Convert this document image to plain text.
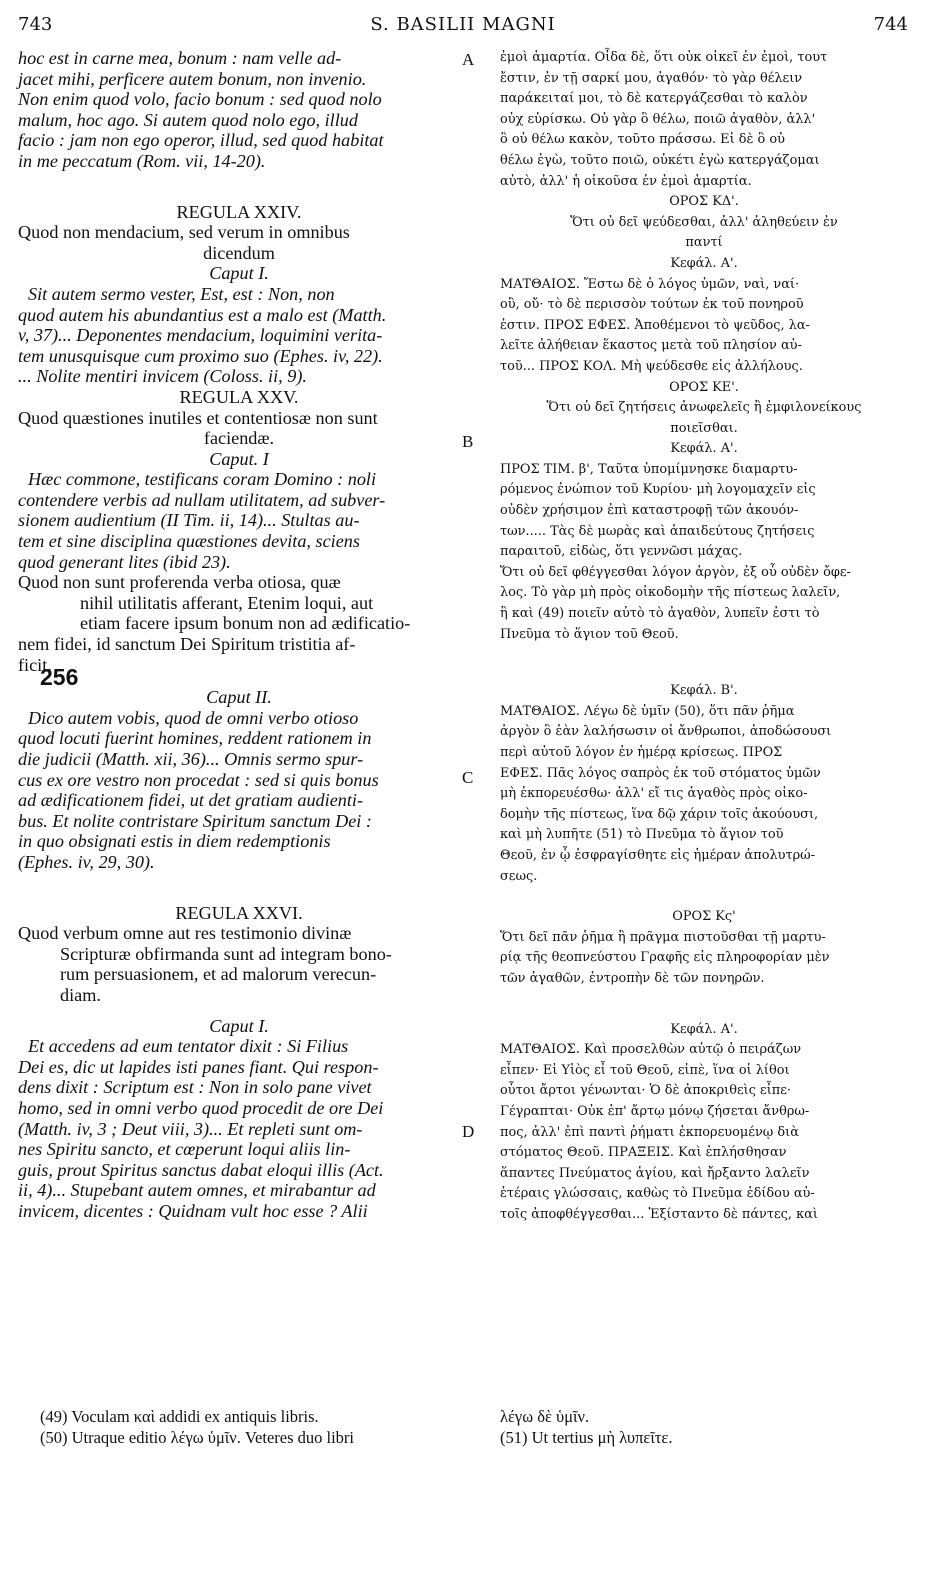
743	S. BASILII MAGNI	744
A
B
C
D
256
hoc est in carne mea, bonum : nam velle ad-
jacet mihi, perficere autem bonum, non invenio.
Non enim quod volo, facio bonum : sed quod nolo
malum, hoc ago. Si autem quod nolo ego, illud
facio : jam non ego operor, illud, sed quod habitat
in me peccatum (Rom. vii, 14-20).
REGULA XXIV.
Quod non mendacium, sed verum in omnibus
dicendum
Caput I.
Sit autem sermo vester, Est, est : Non, non
quod autem his abundantius est a malo est (Matth.
v, 37)... Deponentes mendacium, loquimini verita-
tem unusquisque cum proximo suo (Ephes. iv, 22).
... Nolite mentiri invicem (Coloss. ii, 9).
REGULA XXV.
Quod quæstiones inutiles et contentiosæ non sunt
faciendæ.
Caput. I
Hæc commone, testificans coram Domino : noli
contendere verbis ad nullam utilitatem, ad subver-
sionem audientium (II Tim. ii, 14)... Stultas au-
tem et sine disciplina quæstiones devita, sciens
quod generant lites (ibid 23).
Quod non sunt proferenda verba otiosa, quæ
nihil utilitatis afferant, Etenim loqui, aut
etiam facere ipsum bonum non ad ædificatio-
nem fidei, id sanctum Dei Spiritum tristitia af-
ficit.
Caput II.
Dico autem vobis, quod de omni verbo otioso
quod locuti fuerint homines, reddent rationem in
die judicii (Matth. xii, 36)... Omnis sermo spur-
cus ex ore vestro non procedat : sed si quis bonus
ad ædificationem fidei, ut det gratiam audienti-
bus. Et nolite contristare Spiritum sanctum Dei :
in quo obsignati estis in diem redemptionis
(Ephes. iv, 29, 30).
REGULA XXVI.
Quod verbum omne aut res testimonio divinæ
Scripturæ obfirmanda sunt ad integram bono-
rum persuasionem, et ad malorum verecun-
diam.
Caput I.
Et accedens ad eum tentator dixit : Si Filius
Dei es, dic ut lapides isti panes fiant. Qui respon-
dens dixit : Scriptum est : Non in solo pane vivet
homo, sed in omni verbo quod procedit de ore Dei
(Matth. iv, 3 ; Deut viii, 3)... Et repleti sunt om-
nes Spiritu sancto, et cœperunt loqui aliis lin-
guis, prout Spiritus sanctus dabat eloqui illis (Act.
ii, 4)... Stupebant autem omnes, et mirabantur ad
invicem, dicentes : Quidnam vult hoc esse ? Alii
ἐμοὶ ἁμαρτία. Οἶδα δὲ, ὅτι οὐκ οἰκεῖ ἐν ἐμοὶ, τουτ
ἔστιν, ἐν τῇ σαρκί μου, ἀγαθόν· τὸ γὰρ θέλειν
παράκειταί μοι, τὸ δὲ κατεργάζεσθαι τὸ καλὸν
οὐχ εὑρίσκω. Οὐ γὰρ ὃ θέλω, ποιῶ ἀγαθὸν, ἀλλ'
ὃ οὐ θέλω κακὸν, τοῦτο πράσσω. Εἰ δὲ ὃ οὐ
θέλω ἐγὼ, τοῦτο ποιῶ, οὐκέτι ἐγὼ κατεργάζομαι
αὐτὸ, ἀλλ' ἡ οἰκοῦσα ἐν ἐμοὶ ἁμαρτία.
ΟΡΟΣ ΚΔ'.
Ὅτι οὐ δεῖ ψεύδεσθαι, ἀλλ' ἀληθεύειν ἐν
παντί
Κεφάλ. Α'.
ΜΑΤΘΑΙΟΣ. Ἔστω δὲ ὁ λόγος ὑμῶν, ναὶ, ναί·
οὒ, οὔ· τὸ δὲ περισσὸν τούτων ἐκ τοῦ πονηροῦ
ἐστιν. ΠΡΟΣ ΕΦΕΣ. Ἀποθέμενοι τὸ ψεῦδος, λα-
λεῖτε ἀλήθειαν ἕκαστος μετὰ τοῦ πλησίον αὐ-
τοῦ... ΠΡΟΣ ΚΟΛ. Μὴ ψεύδεσθε εἰς ἀλλήλους.
ΟΡΟΣ ΚΕ'.
Ὅτι οὐ δεῖ ζητήσεις ἀνωφελεῖς ἢ ἐμφιλονείκους
ποιεῖσθαι.
Κεφάλ. Α'.
ΠΡΟΣ ΤΙΜ. β', Ταῦτα ὑπομίμνησκε διαμαρτυ-
ρόμενος ἐνώπιον τοῦ Κυρίου· μὴ λογομαχεῖν εἰς
οὐδὲν χρήσιμον ἐπὶ καταστροφῇ τῶν ἀκουόν-
των..... Τὰς δὲ μωρὰς καὶ ἀπαιδεύτους ζητήσεις
παραιτοῦ, εἰδὼς, ὅτι γεννῶσι μάχας.
Ὅτι οὐ δεῖ φθέγγεσθαι λόγον ἀργὸν, ἐξ οὗ οὐδὲν ὄφε-
λος. Τὸ γὰρ μὴ πρὸς οἰκοδομὴν τῆς πίστεως λαλεῖν,
ἢ καὶ (49) ποιεῖν αὐτὸ τὸ ἀγαθὸν, λυπεῖν ἐστι τὸ
Πνεῦμα τὸ ἅγιον τοῦ Θεοῦ.
Κεφάλ. Β'.
ΜΑΤΘΑΙΟΣ. Λέγω δὲ ὑμῖν (50), ὅτι πᾶν ῥῆμα
ἀργὸν ὃ ἐὰν λαλήσωσιν οἱ ἄνθρωποι, ἀποδώσουσι
περὶ αὐτοῦ λόγον ἐν ἡμέρᾳ κρίσεως. ΠΡΟΣ
ΕΦΕΣ. Πᾶς λόγος σαπρὸς ἐκ τοῦ στόματος ὑμῶν
μὴ ἐκπορευέσθω· ἀλλ' εἴ τις ἀγαθὸς πρὸς οἰκο-
δομὴν τῆς πίστεως, ἵνα δῷ χάριν τοῖς ἀκούουσι,
καὶ μὴ λυπῆτε (51) τὸ Πνεῦμα τὸ ἅγιον τοῦ
Θεοῦ, ἐν ᾧ ἐσφραγίσθητε εἰς ἡμέραν ἀπολυτρώ-
σεως.
ΟΡΟΣ Κς'
Ὅτι δεῖ πᾶν ῥῆμα ἢ πρᾶγμα πιστοῦσθαι τῇ μαρτυ-
ρίᾳ τῆς θεοπνεύστου Γραφῆς εἰς πληροφορίαν μὲν
τῶν ἀγαθῶν, ἐντροπὴν δὲ τῶν πονηρῶν.
Κεφάλ. Α'.
ΜΑΤΘΑΙΟΣ. Καὶ προσελθὼν αὐτῷ ὁ πειράζων
εἶπεν· Εἰ Υἱὸς εἶ τοῦ Θεοῦ, εἰπὲ, ἵνα οἱ λίθοι
οὗτοι ἄρτοι γένωνται· Ὁ δὲ ἀποκριθεὶς εἶπε·
Γέγραπται· Οὐκ ἐπ' ἄρτῳ μόνῳ ζήσεται ἄνθρω-
πος, ἀλλ' ἐπὶ παντὶ ῥήματι ἐκπορευομένῳ διὰ
στόματος Θεοῦ. ΠΡΑΞΕΙΣ. Καὶ ἐπλήσθησαν
ἅπαντες Πνεύματος ἁγίου, καὶ ἤρξαντο λαλεῖν
ἑτέραις γλώσσαις, καθὼς τὸ Πνεῦμα ἐδίδου αὐ-
τοῖς ἀποφθέγγεσθαι... Ἐξίσταντο δὲ πάντες, καὶ
(49) Voculam καὶ addidi ex antiquis libris.
(50) Utraque editio λέγω ὑμῖν. Veteres duo libri
λέγω δὲ ὑμῖν.
(51) Ut tertius μὴ λυπεῖτε.
